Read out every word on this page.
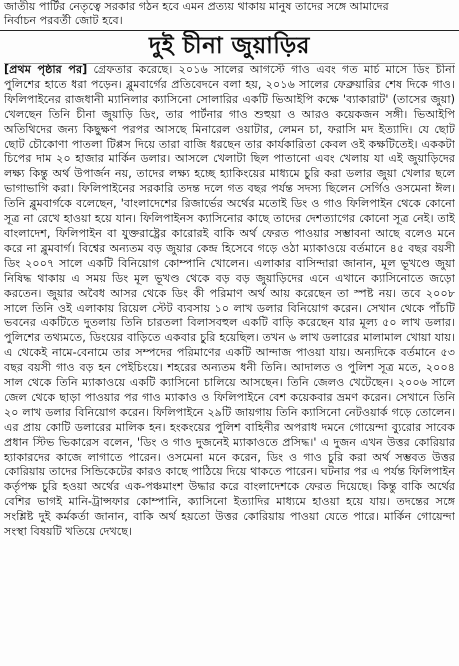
জাতীয় পার্টির নেতৃত্বে সরকার গঠন হবে এমন প্রত্যয় থাকায় মানুষ তাদের সঙ্গে আমাদের
নির্বাচন পরবর্তী জোট হবে।
দুই চীনা জুয়াড়ির

[প্রথম পৃষ্ঠার পর] গ্রেফতার করেছে। ২০১৬ সালের আগস্টে গাও এবং গত মার্চ মাসে ডিং চীনা পুলিশের হাতে ধরা পড়েন। ব্লুমবার্গের প্রতিবেদনে বলা হয়, ২০১৬ সালের ফেব্রুয়ারির শেষ দিকে গাও। ফিলিপাইনের রাজধানী ম্যানিলার ক্যাসিনো সোলারির একটি ভিআইপি কক্ষে 'ব্যাকারাট' (তাসের জুয়া) খেলছেন তিনি চীনা জুয়াড়ি ডিং, তার পার্টনার গাও শুহুয়া ও আরও কয়েকজন সঙ্গী। ভিআইপি অতিথিদের জন্য কিছুক্ষণ পরপর আসছে মিনারেল ওয়াটার, লেমন চা, ফরাসি মদ ইত্যাদি। যে ছোট ছোট চৌকোণা পাতলা টিপ্পস দিয়ে তারা বাজি ধরছেন তার কার্যকারিতা কেবল ওই কক্ষটিতেই। এককটা চিপের দাম ২০ হাজার মার্কিন ডলার। আসলে খেলাটা ছিল পাতানো এবং খেলায় যা এই জুয়াড়িদের লক্ষ্য কিন্তু অর্থ উপার্জন নয়, তাদের লক্ষ্য হচ্ছে হ্যাকিংয়ের মাধ্যমে চুরি করা ডলার জুয়া খেলার ছলে ভাগাভাগি করা। ফিলিপাইনের সরকারি তদন্ত দলে গত বছর পর্যন্ত সদস্য ছিলেন সের্গিও ওসমেনা ঈল। তিনি ব্লুমবার্গকে বলেছেন, 'বাংলাদেশের রিজার্ভের অর্থের মতোই ডিং ও গাও ফিলিপাইন থেকে কোনো সূত্র না রেখে হাওয়া হয়ে যান। ফিলিপাইনস ক্যাসিনোর কাছে তাদের দেশত্যাগের কোনো সূত্র নেই। তাই বাংলাদেশ, ফিলিপাইন বা যুক্তরাষ্ট্রের কারোরই বাকি অর্থ ফেরত পাওয়ার সম্ভাবনা আছে বলেও মনে করে না ব্লুমবার্গ। বিশ্বের অন্যতম বড় জুয়ার কেন্দ্র হিসেবে গড়ে ওঠা ম্যাকাওয়ে বর্তমানে ৪৫ বছর বয়সী ডিং ২০০৭ সালে একটি বিনিয়োগ কোম্পানি খোলেন। এলাকার বাসিন্দারা জানান, মূল ভূখণ্ডে জুয়া নিষিদ্ধ থাকায় এ সময় ডিং মূল ভূখণ্ড থেকে বড় বড় জুয়াড়িদের এনে এখানে ক্যাসিনোতে জড়ো করতেন। জুয়ার অবৈধ আসর থেকে ডিং কী পরিমাণ অর্থ আয় করেছেন তা স্পষ্ট নয়। তবে ২০০৮ সালে তিনি ওই এলাকায় রিয়েল স্টেট ব্যবসায় ১০ লাখ ডলার বিনিয়োগ করেন। সেখান থেকে পাঁচটি ভবনের একটিতে দুতলায় তিনি চারতলা বিলাসবহুল একটি বাড়ি করেছেন যার মূল্য ৫০ লাখ ডলার। পুলিশের তথ্যমতে, ডিংয়ের বাড়িতে একবার চুরি হয়েছিল। তখন ৬ লাখ ডলারের মালামাল খোয়া যায়। এ থেকেই নামে-বেনামে তার সম্পদের পরিমাণের একটি আন্দাজ পাওয়া যায়। অন্যদিকে বর্তমানে ৫৩ বছর বয়সী গাও বড় হন পেইচিংয়ে। শহরের অন্যতম ধনী তিনি। আদালত ও পুলিশ সূত্র মতে, ২০০৪ সাল থেকে তিনি ম্যাকাওয়ে একটি ক্যাসিনো চালিয়ে আসছেন। তিনি জেলও খেটেছেন। ২০০৬ সালে জেল থেকে ছাড়া পাওয়ার পর গাও ম্যাকাও ও ফিলিপাইনে বেশ কয়েকবার ভ্রমণ করেন। সেখানে তিনি ২০ লাখ ডলার বিনিয়োগ করেন। ফিলিপাইনে ২৯টি জায়গায় তিনি ক্যাসিনো নেটওয়ার্ক গড়ে তোলেন। এর প্রায় কোটি ডলারের মালিক হন। হংকংয়ের পুলিশ বাহিনীর অপরাধ দমনে গোয়েন্দা ব্যুরোর সাবেক প্রধান স্টিভ ভিকারেস বলেন, 'ডিং ও গাও দুজনেই ম্যাকাওতে প্রসিদ্ধ।' এ দুজন এখন উত্তর কোরিয়ার হ্যাকারদের কাজে লাগাতে পারেন। ওসমেনা মনে করেন, ডিং ও গাও চুরি করা অর্থ সম্ভবত উত্তর কোরিয়ায় তাদের সিন্ডিকেটের কারও কাছে পাঠিয়ে দিয়ে থাকতে পারেন। ঘটনার পর এ পর্যন্ত ফিলিপাইন কর্তৃপক্ষ চুরি হওয়া অর্থের এক-পঞ্চমাংশ উদ্ধার করে বাংলাদেশকে ফেরত দিয়েছে। কিন্তু বাকি অর্থের বেশির ভাগই মানি-ট্রান্সফার কোম্পানি, ক্যাসিনো ইত্যাদির মাধ্যমে হাওয়া হয়ে যায়। তদন্তের সঙ্গে সংশ্লিষ্ট দুই কর্মকর্তা জানান, বাকি অর্থ হয়তো উত্তর কোরিয়ায় পাওয়া যেতে পারে। মার্কিন গোয়েন্দা সংস্থা বিষয়টি খতিয়ে দেখছে।
